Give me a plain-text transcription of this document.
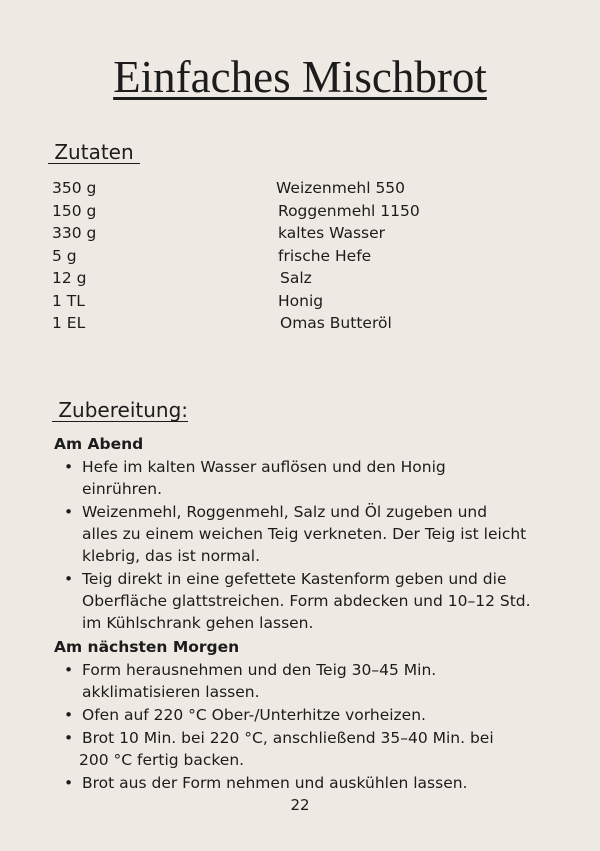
Einfaches Mischbrot
Zutaten
350 g	Weizenmehl 550
150 g	Roggenmehl 1150
330 g	kaltes Wasser
5 g	frische Hefe
12 g	Salz
1 TL	Honig
1 EL	Omas Butteröl
Zubereitung:
Am Abend
• Hefe im kalten Wasser auflösen und den Honig
einrühren.
• Weizenmehl, Roggenmehl, Salz und Öl zugeben und
alles zu einem weichen Teig verkneten. Der Teig ist leicht
klebrig, das ist normal.
• Teig direkt in eine gefettete Kastenform geben und die
Oberfläche glattstreichen. Form abdecken und 10–12 Std.
im Kühlschrank gehen lassen.
Am nächsten Morgen
• Form herausnehmen und den Teig 30–45 Min.
akklimatisieren lassen.
• Ofen auf 220 °C Ober-/Unterhitze vorheizen.
• Brot 10 Min. bei 220 °C, anschließend 35–40 Min. bei
200 °C fertig backen.
• Brot aus der Form nehmen und auskühlen lassen.
22
